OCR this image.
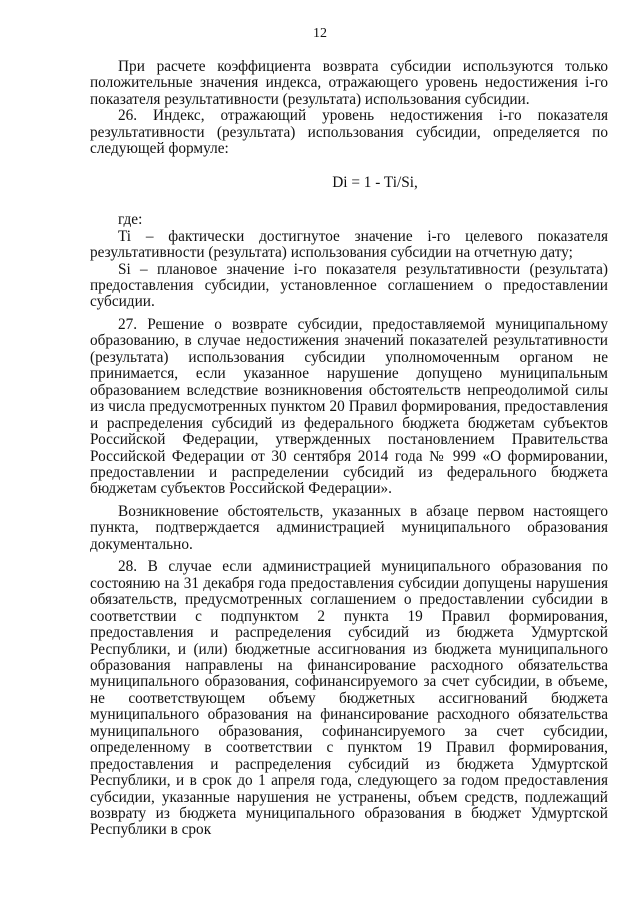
12

При расчете коэффициента возврата субсидии используются только положительные значения индекса, отражающего уровень недостижения i-го показателя результативности (результата) использования субсидии.

26. Индекс, отражающий уровень недостижения i-го показателя результативности (результата) использования субсидии, определяется по следующей формуле:

Di = 1 - Ti/Si,

где:

Ti – фактически достигнутое значение i-го целевого показателя результативности (результата) использования субсидии на отчетную дату;

Si – плановое значение i-го показателя результативности (результата) предоставления субсидии, установленное соглашением о предоставлении субсидии.

27. Решение о возврате субсидии, предоставляемой муниципальному образованию, в случае недостижения значений показателей результативности (результата) использования субсидии уполномоченным органом не принимается, если указанное нарушение допущено муниципальным образованием вследствие возникновения обстоятельств непреодолимой силы из числа предусмотренных пунктом 20 Правил формирования, предоставления и распределения субсидий из федерального бюджета бюджетам субъектов Российской Федерации, утвержденных постановлением Правительства Российской Федерации от 30 сентября 2014 года № 999 «О формировании, предоставлении и распределении субсидий из федерального бюджета бюджетам субъектов Российской Федерации».

Возникновение обстоятельств, указанных в абзаце первом настоящего пункта, подтверждается администрацией муниципального образования документально.

28. В случае если администрацией муниципального образования по состоянию на 31 декабря года предоставления субсидии допущены нарушения обязательств, предусмотренных соглашением о предоставлении субсидии в соответствии с подпунктом 2 пункта 19 Правил формирования, предоставления и распределения субсидий из бюджета Удмуртской Республики, и (или) бюджетные ассигнования из бюджета муниципального образования направлены на финансирование расходного обязательства муниципального образования, софинансируемого за счет субсидии, в объеме, не соответствующем объему бюджетных ассигнований бюджета муниципального образования на финансирование расходного обязательства муниципального образования, софинансируемого за счет субсидии, определенному в соответствии с пунктом 19 Правил формирования, предоставления и распределения субсидий из бюджета Удмуртской Республики, и в срок до 1 апреля года, следующего за годом предоставления субсидии, указанные нарушения не устранены, объем средств, подлежащий возврату из бюджета муниципального образования в бюджет Удмуртской Республики в срок
